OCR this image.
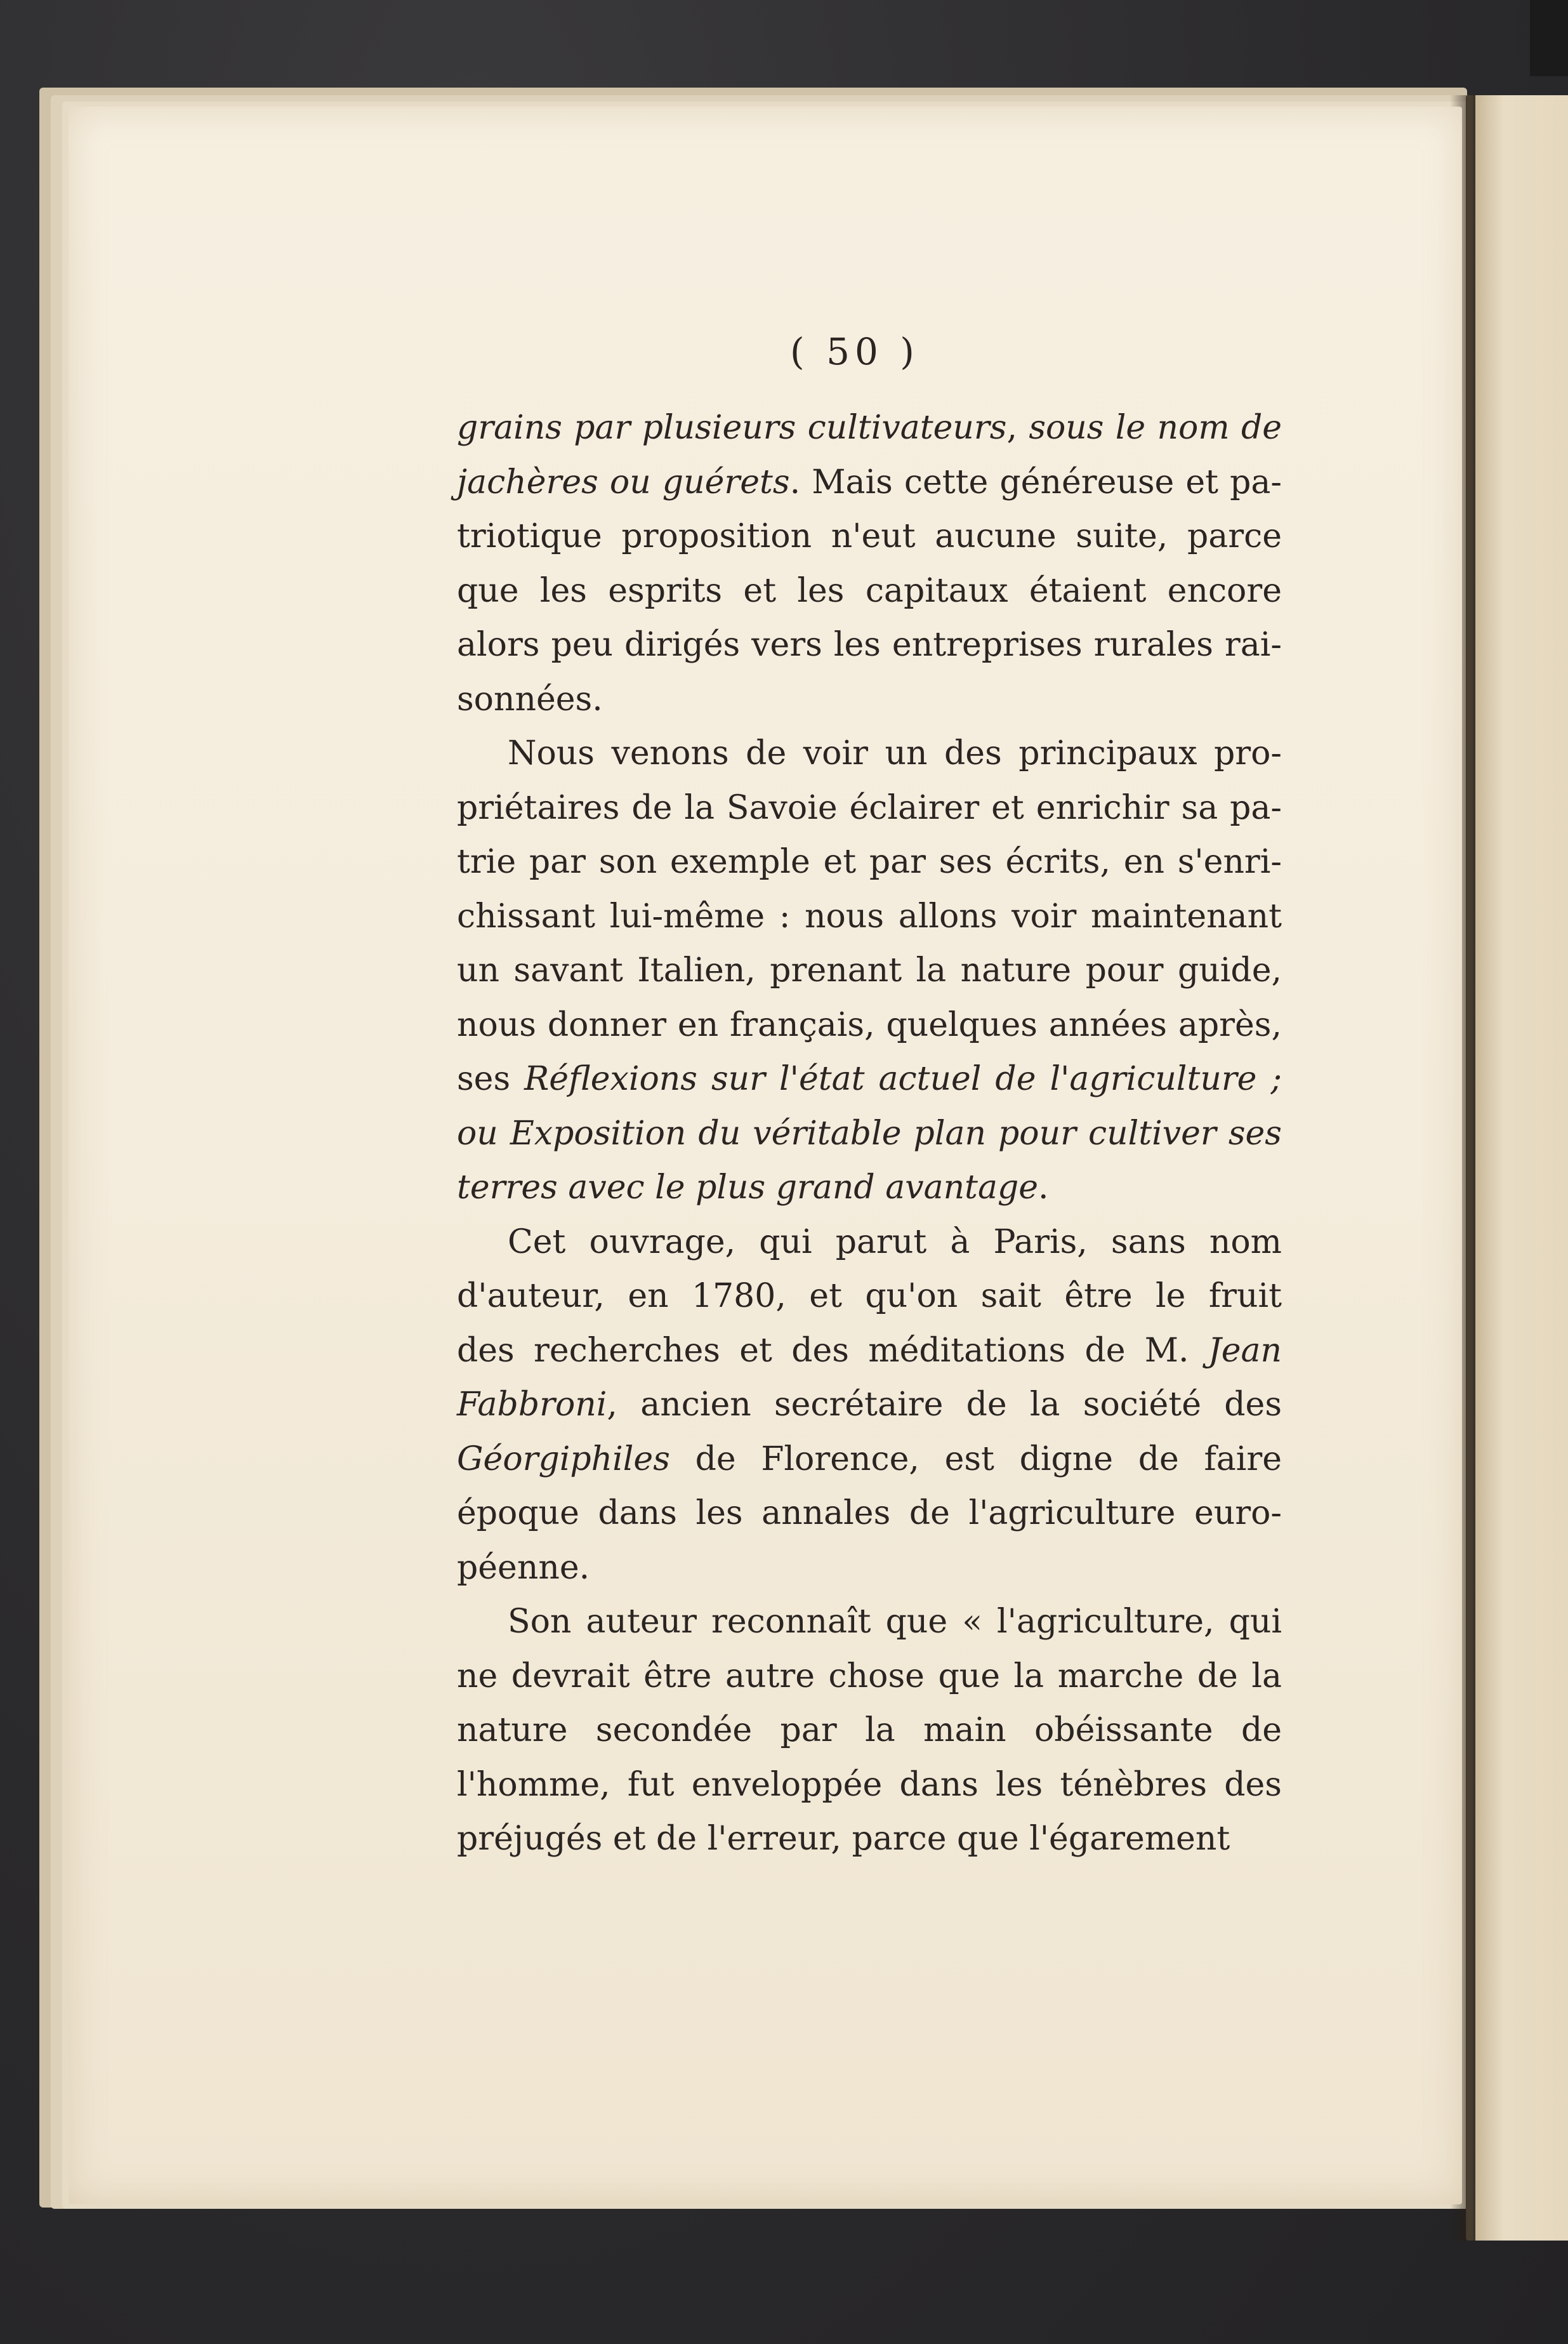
( 50 )
grains par plusieurs cultivateurs, sous le nom de
jachères ou guérets. Mais cette généreuse et pa-
triotique proposition n'eut aucune suite, parce
que les esprits et les capitaux étaient encore
alors peu dirigés vers les entreprises rurales rai-
sonnées.
Nous venons de voir un des principaux pro-
priétaires de la Savoie éclairer et enrichir sa pa-
trie par son exemple et par ses écrits, en s'enri-
chissant lui-même : nous allons voir maintenant
un savant Italien, prenant la nature pour guide,
nous donner en français, quelques années après,
ses Réflexions sur l'état actuel de l'agriculture ;
ou Exposition du véritable plan pour cultiver ses
terres avec le plus grand avantage.
Cet ouvrage, qui parut à Paris, sans nom
d'auteur, en 1780, et qu'on sait être le fruit
des recherches et des méditations de M. Jean
Fabbroni, ancien secrétaire de la société des
Géorgiphiles de Florence, est digne de faire
époque dans les annales de l'agriculture euro-
péenne.
Son auteur reconnaît que « l'agriculture, qui
ne devrait être autre chose que la marche de la
nature secondée par la main obéissante de
l'homme, fut enveloppée dans les ténèbres des
préjugés et de l'erreur, parce que l'égarement
